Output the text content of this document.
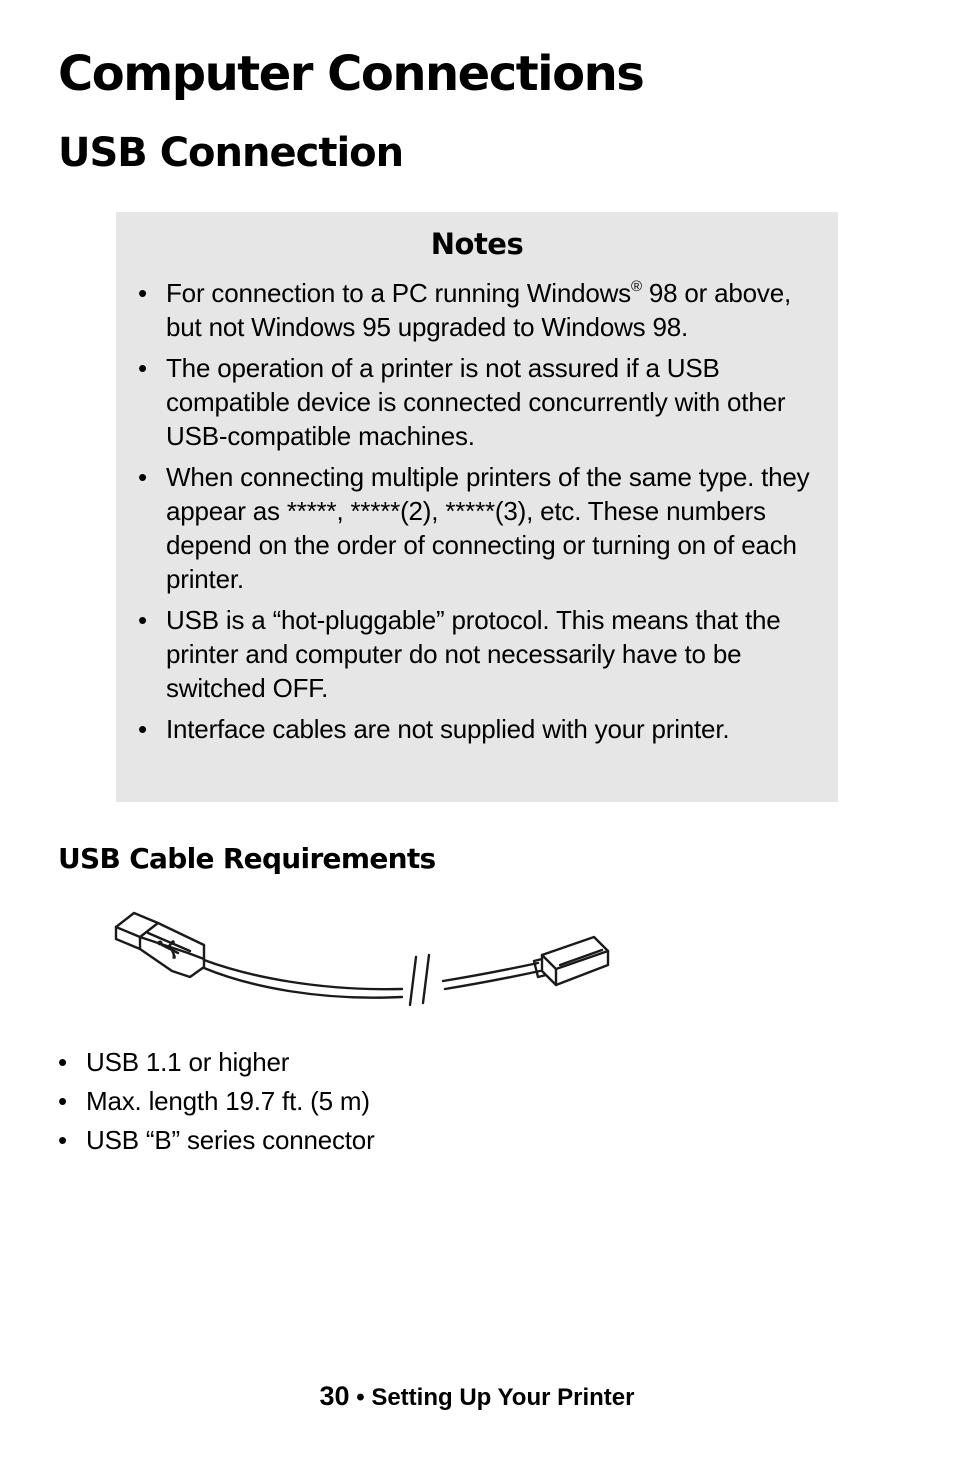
Computer Connections
USB Connection
Notes
• For connection to a PC running Windows® 98 or above, but not Windows 95 upgraded to Windows 98.
• The operation of a printer is not assured if a USB compatible device is connected concurrently with other USB-compatible machines.
• When connecting multiple printers of the same type. they appear as *****, *****(2), *****(3), etc. These numbers depend on the order of connecting or turning on of each printer.
• USB is a “hot-pluggable” protocol. This means that the printer and computer do not necessarily have to be switched OFF.
• Interface cables are not supplied with your printer.
USB Cable Requirements
• USB 1.1 or higher
• Max. length 19.7 ft. (5 m)
• USB “B” series connector
30 • Setting Up Your Printer
